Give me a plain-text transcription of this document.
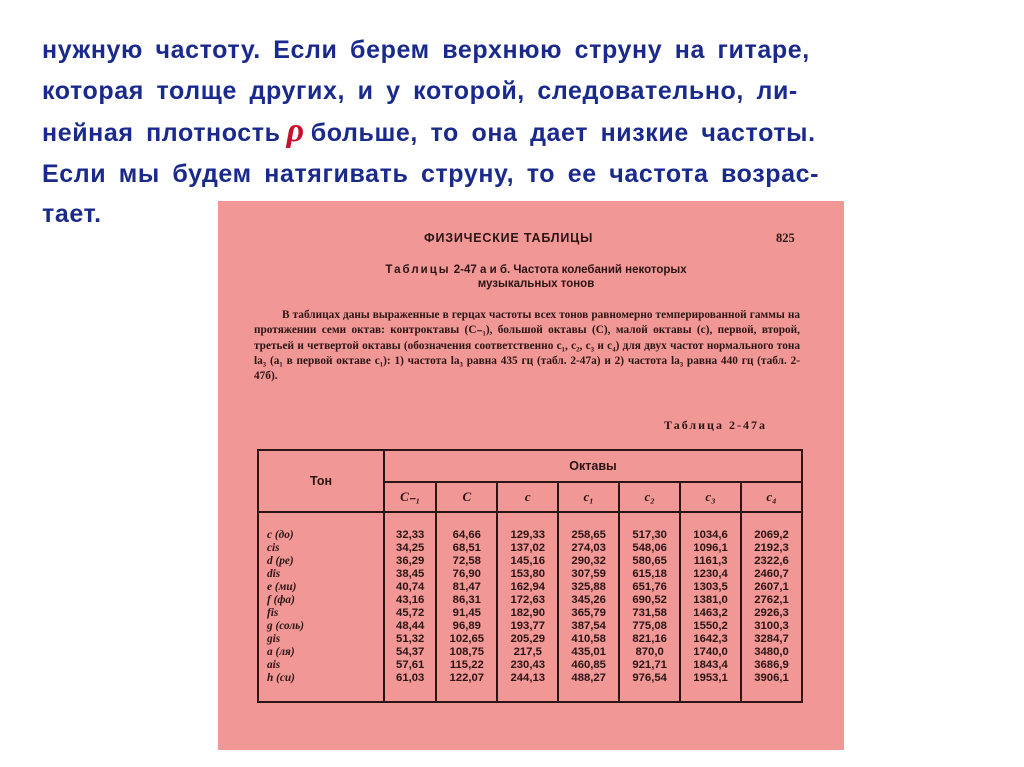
нужную частоту. Если берем верхнюю струну на гитаре,
которая толще других, и у которой, следовательно, ли-
нейная плотность ρ больше, то она дает низкие частоты.
Если мы будем натягивать струну, то ее частота возрас-
тает.
ФИЗИЧЕСКИЕ ТАБЛИЦЫ	825
Таблицы 2-47 а и б. Частота колебаний некоторых
музыкальных тонов
В таблицах даны выраженные в герцах частоты всех тонов равномерно темперированной гаммы на протяжении семи октав: контроктавы (C₋₁), большой октавы (C), малой октавы (c), первой, второй, третьей и четвертой октавы (обозначения соответственно c₁, c₂, c₃ и c₄) для двух частот нормального тона la₃ (a₁ в первой октаве c₁): 1) частота la₃ равна 435 гц (табл. 2-47а) и 2) частота la₃ равна 440 гц (табл. 2-47б).
Таблица 2-47а
Тон	Октавы						
	C₋₁	C	c	c₁	c₂	c₃	c₄
c (до)	32,33	64,66	129,33	258,65	517,30	1034,6	2069,2
cis	34,25	68,51	137,02	274,03	548,06	1096,1	2192,3
d (ре)	36,29	72,58	145,16	290,32	580,65	1161,3	2322,6
dis	38,45	76,90	153,80	307,59	615,18	1230,4	2460,7
e (ми)	40,74	81,47	162,94	325,88	651,76	1303,5	2607,1
f (фа)	43,16	86,31	172,63	345,26	690,52	1381,0	2762,1
fis	45,72	91,45	182,90	365,79	731,58	1463,2	2926,3
g (соль)	48,44	96,89	193,77	387,54	775,08	1550,2	3100,3
gis	51,32	102,65	205,29	410,58	821,16	1642,3	3284,7
a (ля)	54,37	108,75	217,5	435,01	870,0	1740,0	3480,0
ais	57,61	115,22	230,43	460,85	921,71	1843,4	3686,9
h (си)	61,03	122,07	244,13	488,27	976,54	1953,1	3906,1
